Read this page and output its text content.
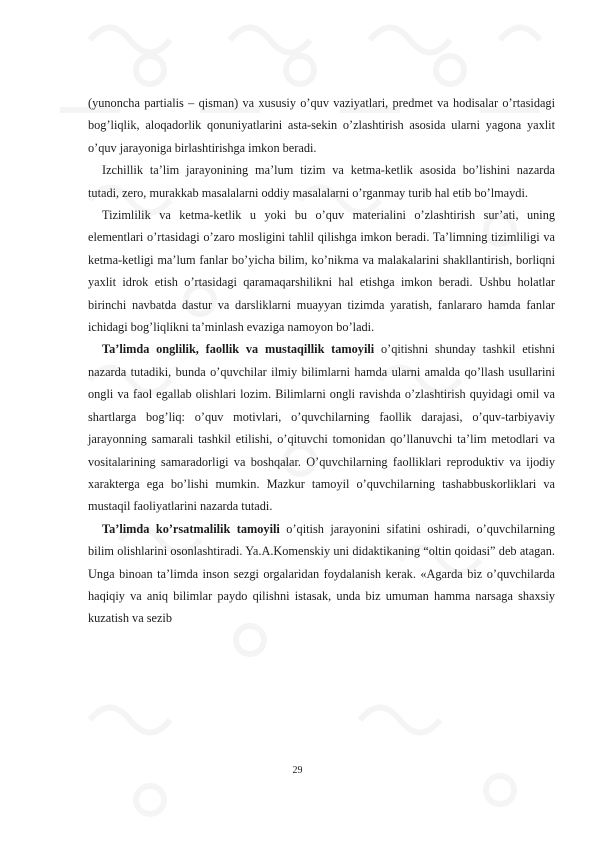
(yunoncha partialis – qisman) va xususiy o’quv vaziyatlari, predmet va hodisalar o’rtasidagi bog’liqlik, aloqadorlik qonuniyatlarini asta-sekin o’zlashtirish asosida ularni yagona yaxlit o’quv jarayoniga birlashtirishga imkon beradi.

Izchillik ta’lim jarayonining ma’lum tizim va ketma-ketlik asosida bo’lishini nazarda tutadi, zero, murakkab masalalarni oddiy masalalarni o’rganmay turib hal etib bo’lmaydi.

Tizimlilik va ketma-ketlik u yoki bu o’quv materialini o’zlashtirish sur’ati, uning elementlari o’rtasidagi o’zaro mosligini tahlil qilishga imkon beradi. Ta’limning tizimliligi va ketma-ketligi ma’lum fanlar bo’yicha bilim, ko’nikma va malakalarini shakllantirish, borliqni yaxlit idrok etish o’rtasidagi qaramaqarshilikni hal etishga imkon beradi. Ushbu holatlar birinchi navbatda dastur va darsliklarni muayyan tizimda yaratish, fanlararo hamda fanlar ichidagi bog’liqlikni ta’minlash evaziga namoyon bo’ladi.

Ta’limda onglilik, faollik va mustaqillik tamoyili o’qitishni shunday tashkil etishni nazarda tutadiki, bunda o’quvchilar ilmiy bilimlarni hamda ularni amalda qo’llash usullarini ongli va faol egallab olishlari lozim. Bilimlarni ongli ravishda o’zlashtirish quyidagi omil va shartlarga bog’liq: o’quv motivlari, o’quvchilarning faollik darajasi, o’quv-tarbiyaviy jarayonning samarali tashkil etilishi, o’qituvchi tomonidan qo’llanuvchi ta’lim metodlari va vositalarining samaradorligi va boshqalar. O’quvchilarning faolliklari reproduktiv va ijodiy xarakterga ega bo’lishi mumkin. Mazkur tamoyil o’quvchilarning tashabbuskorliklari va mustaqil faoliyatlarini nazarda tutadi.

Ta’limda ko’rsatmalilik tamoyili o’qitish jarayonini sifatini oshiradi, o’quvchilarning bilim olishlarini osonlashtiradi. Ya.A.Komenskiy uni didaktikaning “oltin qoidasi” deb atagan. Unga binoan ta’limda inson sezgi orgalaridan foydalanish kerak. «Agarda biz o’quvchilarda haqiqiy va aniq bilimlar paydo qilishni istasak, unda biz umuman hamma narsaga shaxsiy kuzatish va sezib

29
